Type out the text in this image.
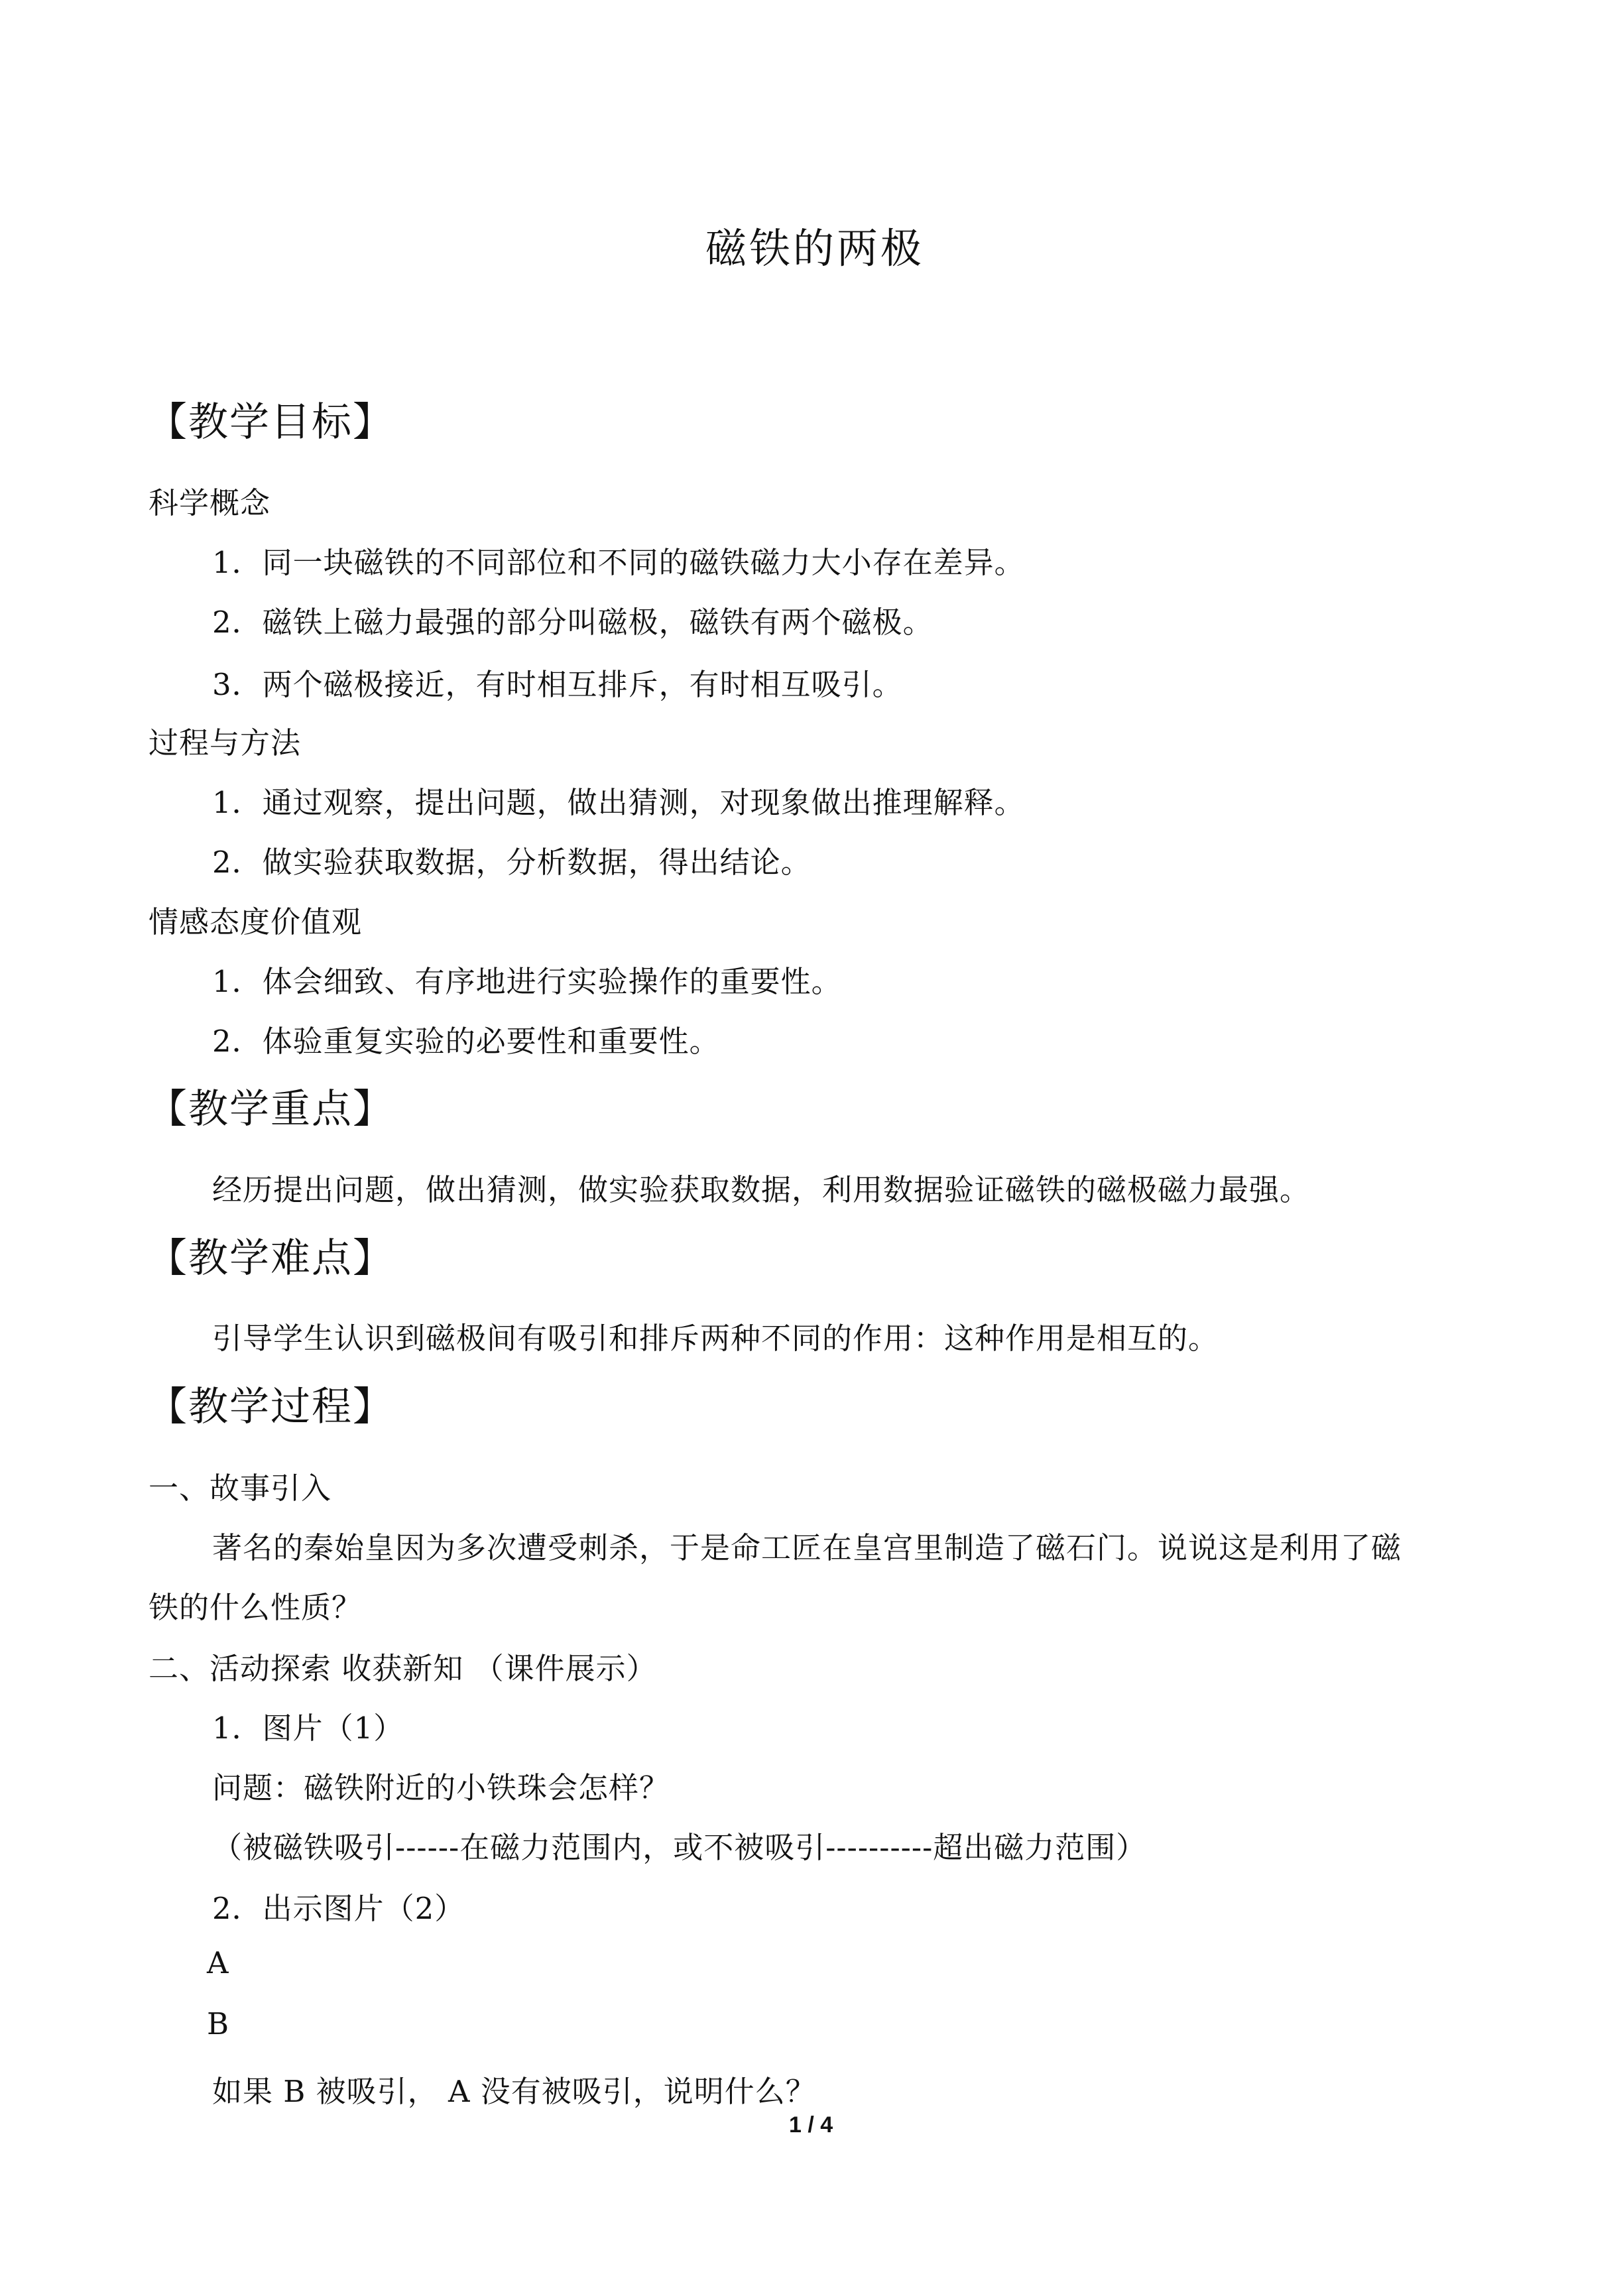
磁铁的两极
【教学目标】
科学概念
1．同一块磁铁的不同部位和不同的磁铁磁力大小存在差异。
2．磁铁上磁力最强的部分叫磁极，磁铁有两个磁极。
3．两个磁极接近，有时相互排斥，有时相互吸引。
过程与方法
1．通过观察，提出问题，做出猜测，对现象做出推理解释。
2．做实验获取数据，分析数据，得出结论。
情感态度价值观
1．体会细致、有序地进行实验操作的重要性。
2．体验重复实验的必要性和重要性。
【教学重点】
经历提出问题，做出猜测，做实验获取数据，利用数据验证磁铁的磁极磁力最强。
【教学难点】
引导学生认识到磁极间有吸引和排斥两种不同的作用：这种作用是相互的。
【教学过程】
一、故事引入
著名的秦始皇因为多次遭受刺杀，于是命工匠在皇宫里制造了磁石门。说说这是利用了磁
铁的什么性质？
二、活动探索 收获新知 （课件展示）
1．图片（1）
问题：磁铁附近的小铁珠会怎样？
（被磁铁吸引------在磁力范围内，或不被吸引----------超出磁力范围）
2．出示图片（2）
A
B
如果 B 被吸引， A 没有被吸引，说明什么？
1 / 4
